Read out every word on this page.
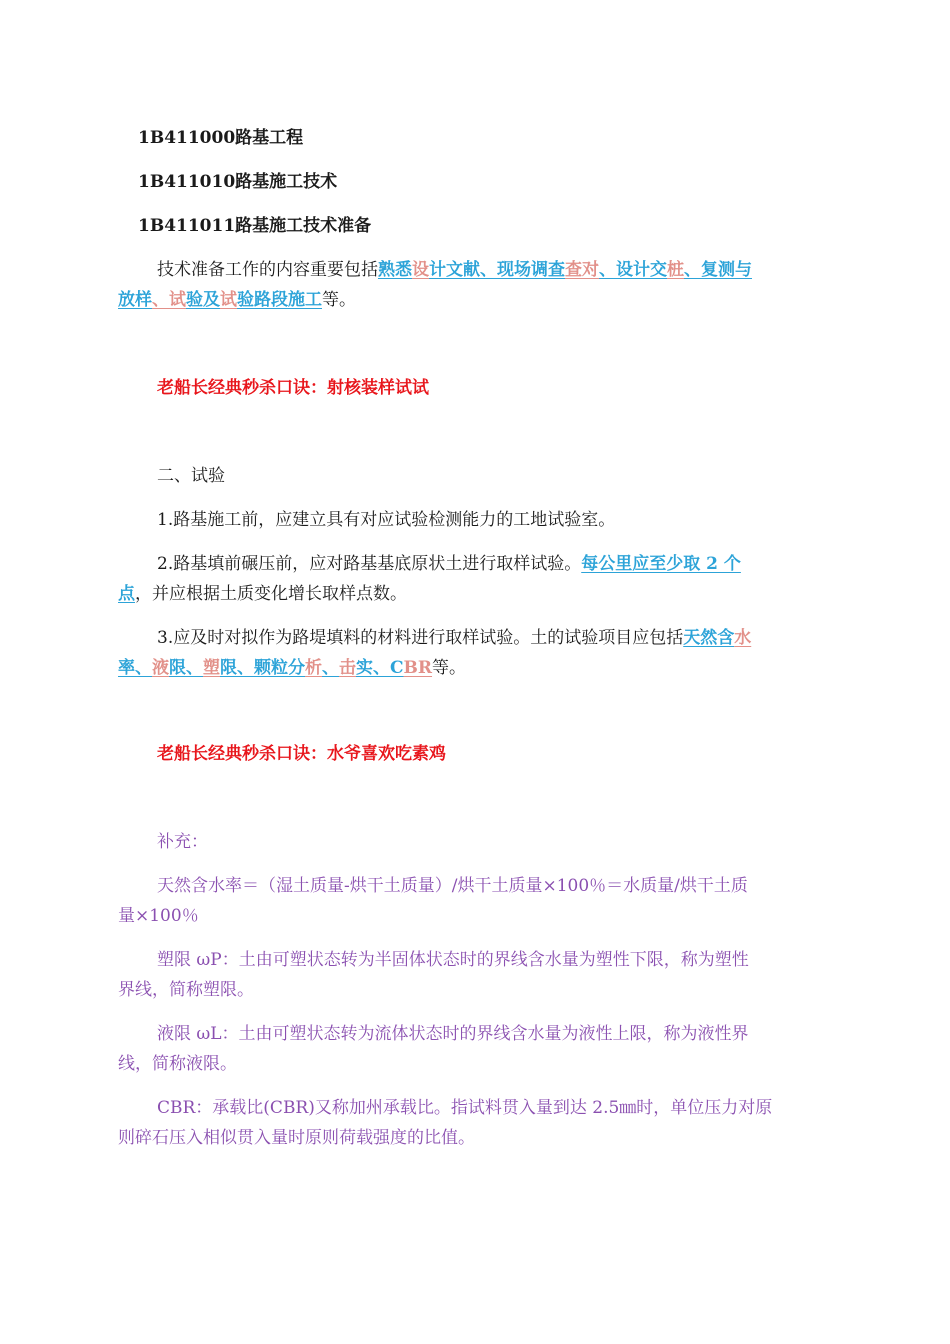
1B411000路基工程
1B411010路基施工技术
1B411011路基施工技术准备
技术准备工作的内容重要包括熟悉设计文献、现场调查查对、设计交桩、复测与
放样、试验及试验路段施工等。
老船长经典秒杀口诀：射核装样试试
二、试验
1.路基施工前，应建立具有对应试验检测能力的工地试验室。
2.路基填前碾压前，应对路基基底原状土进行取样试验。每公里应至少取 2 个
点，并应根据土质变化增长取样点数。
3.应及时对拟作为路堤填料的材料进行取样试验。土的试验项目应包括天然含水
率、液限、塑限、颗粒分析、击实、CBR等。
老船长经典秒杀口诀：水爷喜欢吃素鸡
补充：
天然含水率＝（湿土质量-烘干土质量）/烘干土质量×100％＝水质量/烘干土质
量×100％
塑限 ωP：土由可塑状态转为半固体状态时的界线含水量为塑性下限，称为塑性
界线，简称塑限。
液限 ωL：土由可塑状态转为流体状态时的界线含水量为液性上限，称为液性界
线，简称液限。
CBR：承载比(CBR)又称加州承载比。指试料贯入量到达 2.5㎜时，单位压力对原
则碎石压入相似贯入量时原则荷载强度的比值。
